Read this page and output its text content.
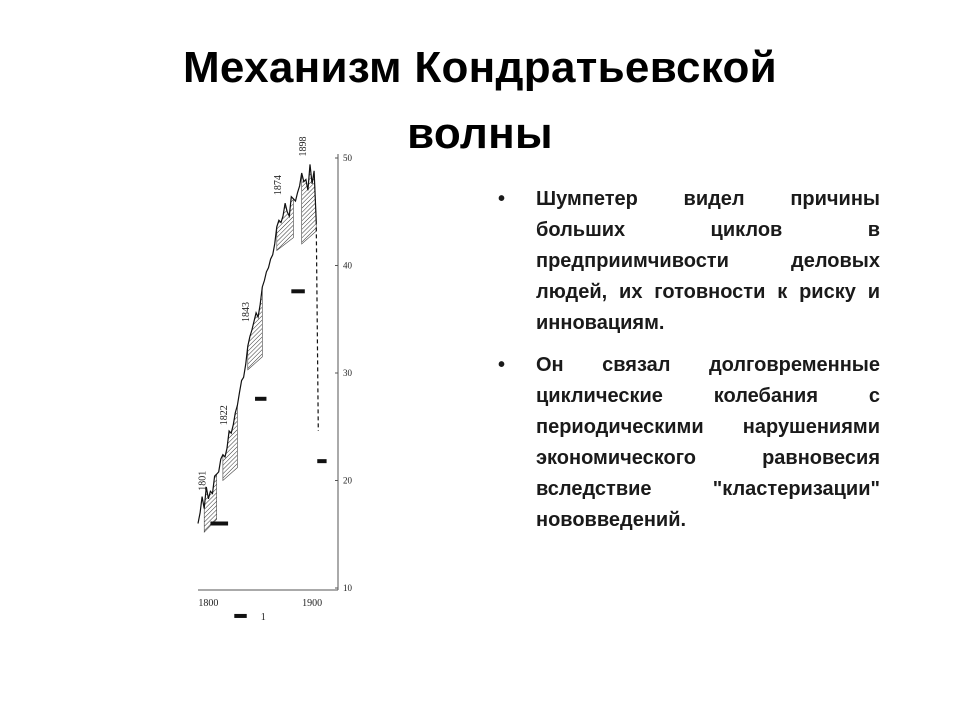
Механизм Кондратьевской
волны
10
20
30
40
50
1800	1900
1
1801
1822
1843
1874
1898
• Шумпетер видел причины больших циклов в предприимчивости деловых людей, их готовности к риску и инновациям.
• Он связал долговременные циклические колебания с периодическими нарушениями экономического равновесия вследствие "кластеризации" нововведений.
